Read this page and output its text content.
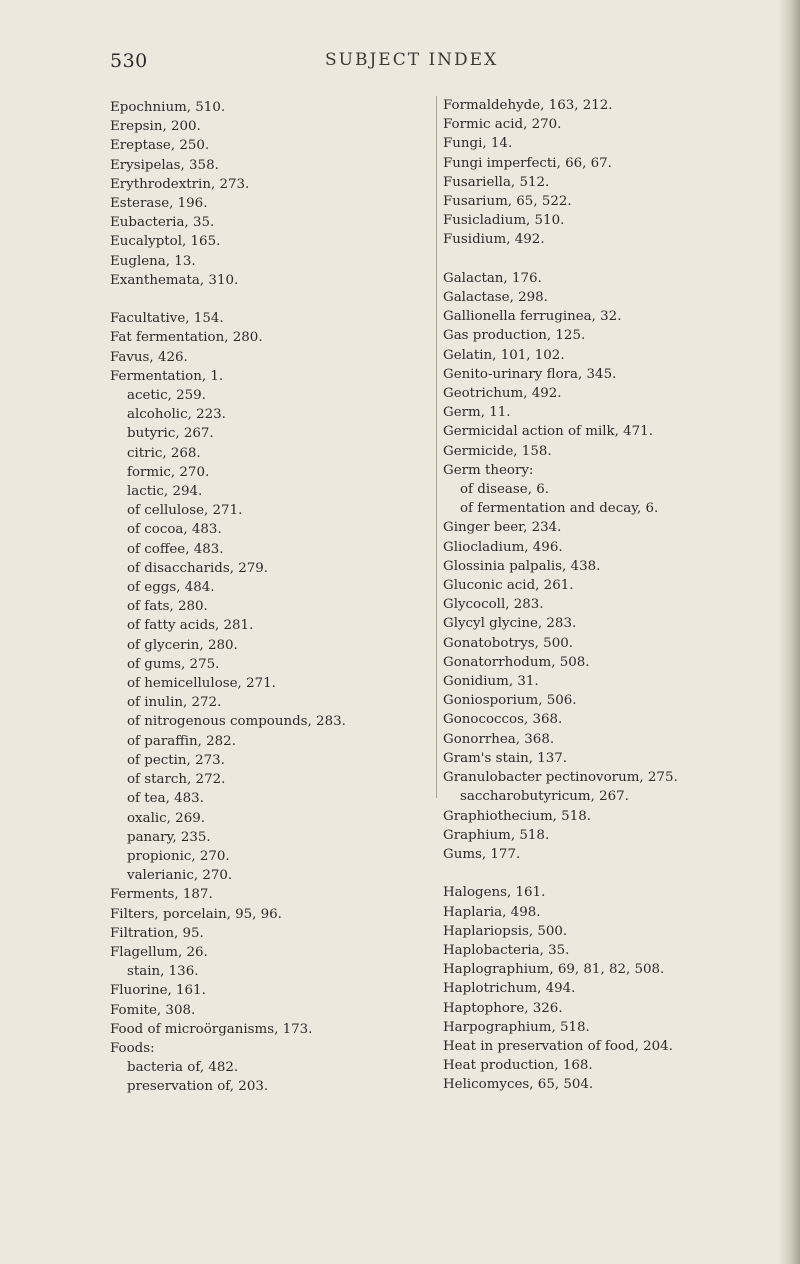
530	SUBJECT INDEX
Epochnium, 510.
Erepsin, 200.
Ereptase, 250.
Erysipelas, 358.
Erythrodextrin, 273.
Esterase, 196.
Eubacteria, 35.
Eucalyptol, 165.
Euglena, 13.
Exanthemata, 310.
Facultative, 154.
Fat fermentation, 280.
Favus, 426.
Fermentation, 1.
acetic, 259.
alcoholic, 223.
butyric, 267.
citric, 268.
formic, 270.
lactic, 294.
of cellulose, 271.
of cocoa, 483.
of coffee, 483.
of disaccharids, 279.
of eggs, 484.
of fats, 280.
of fatty acids, 281.
of glycerin, 280.
of gums, 275.
of hemicellulose, 271.
of inulin, 272.
of nitrogenous compounds, 283.
of paraffin, 282.
of pectin, 273.
of starch, 272.
of tea, 483.
oxalic, 269.
panary, 235.
propionic, 270.
valerianic, 270.
Ferments, 187.
Filters, porcelain, 95, 96.
Filtration, 95.
Flagellum, 26.
stain, 136.
Fluorine, 161.
Fomite, 308.
Food of microörganisms, 173.
Foods:
bacteria of, 482.
preservation of, 203.
Formaldehyde, 163, 212.
Formic acid, 270.
Fungi, 14.
Fungi imperfecti, 66, 67.
Fusariella, 512.
Fusarium, 65, 522.
Fusicladium, 510.
Fusidium, 492.
Galactan, 176.
Galactase, 298.
Gallionella ferruginea, 32.
Gas production, 125.
Gelatin, 101, 102.
Genito-urinary flora, 345.
Geotrichum, 492.
Germ, 11.
Germicidal action of milk, 471.
Germicide, 158.
Germ theory:
of disease, 6.
of fermentation and decay, 6.
Ginger beer, 234.
Gliocladium, 496.
Glossinia palpalis, 438.
Gluconic acid, 261.
Glycocoll, 283.
Glycyl glycine, 283.
Gonatobotrys, 500.
Gonatorrhodum, 508.
Gonidium, 31.
Goniosporium, 506.
Gonococcos, 368.
Gonorrhea, 368.
Gram's stain, 137.
Granulobacter pectinovorum, 275.
saccharobutyricum, 267.
Graphiothecium, 518.
Graphium, 518.
Gums, 177.
Halogens, 161.
Haplaria, 498.
Haplariopsis, 500.
Haplobacteria, 35.
Haplographium, 69, 81, 82, 508.
Haplotrichum, 494.
Haptophore, 326.
Harpographium, 518.
Heat in preservation of food, 204.
Heat production, 168.
Helicomyces, 65, 504.
